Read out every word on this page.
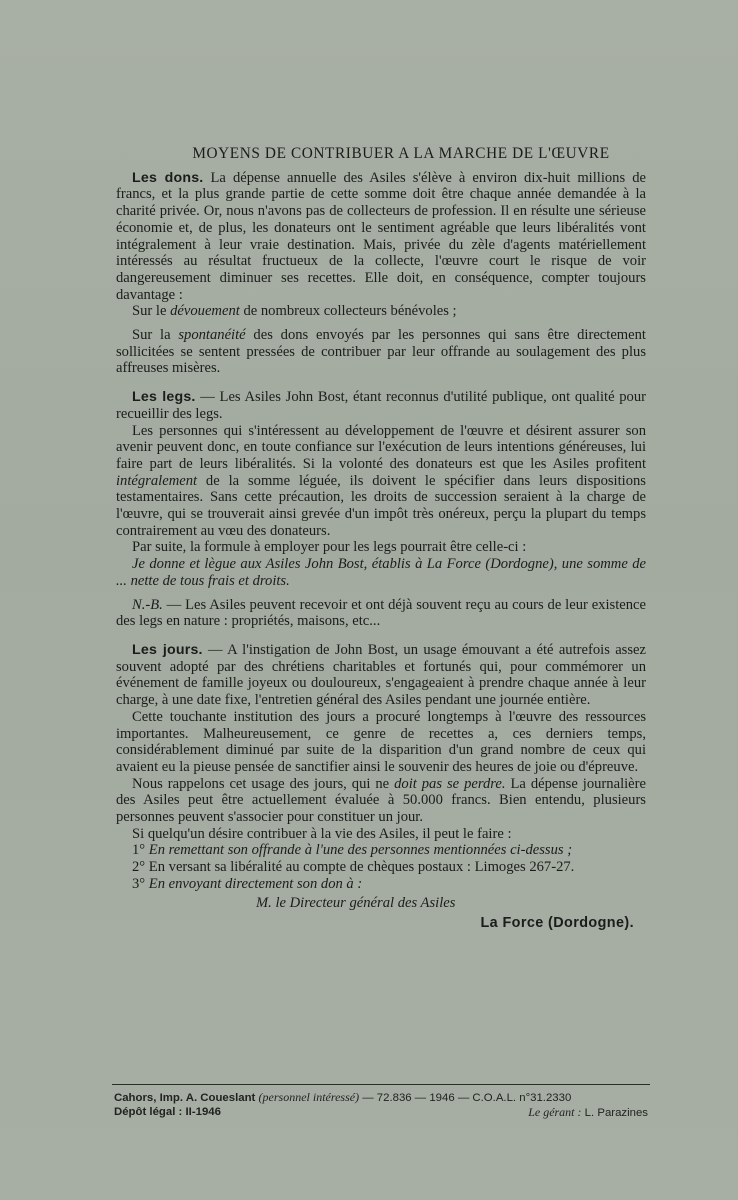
MOYENS DE CONTRIBUER A LA MARCHE DE L'ŒUVRE

Les dons. La dépense annuelle des Asiles s'élève à environ dix-huit millions de francs, et la plus grande partie de cette somme doit être chaque année demandée à la charité privée. Or, nous n'avons pas de collecteurs de profession. Il en résulte une sérieuse économie et, de plus, les donateurs ont le sentiment agréable que leurs libéralités vont intégralement à leur vraie destination. Mais, privée du zèle d'agents matériellement intéressés au résultat fructueux de la collecte, l'œuvre court le risque de voir dangereusement diminuer ses recettes. Elle doit, en conséquence, compter toujours davantage :

Sur le dévouement de nombreux collecteurs bénévoles ;

Sur la spontanéité des dons envoyés par les personnes qui sans être directement sollicitées se sentent pressées de contribuer par leur offrande au soulagement des plus affreuses misères.

Les legs. — Les Asiles John Bost, étant reconnus d'utilité publique, ont qualité pour recueillir des legs.

Les personnes qui s'intéressent au développement de l'œuvre et désirent assurer son avenir peuvent donc, en toute confiance sur l'exécution de leurs intentions généreuses, lui faire part de leurs libéralités. Si la volonté des donateurs est que les Asiles profitent intégralement de la somme léguée, ils doivent le spécifier dans leurs dispositions testamentaires. Sans cette précaution, les droits de succession seraient à la charge de l'œuvre, qui se trouverait ainsi grevée d'un impôt très onéreux, perçu la plupart du temps contrairement au vœu des donateurs.

Par suite, la formule à employer pour les legs pourrait être celle-ci :

Je donne et lègue aux Asiles John Bost, établis à La Force (Dordogne), une somme de ... nette de tous frais et droits.

N.-B. — Les Asiles peuvent recevoir et ont déjà souvent reçu au cours de leur existence des legs en nature : propriétés, maisons, etc...

Les jours. — A l'instigation de John Bost, un usage émouvant a été autrefois assez souvent adopté par des chrétiens charitables et fortunés qui, pour commémorer un événement de famille joyeux ou douloureux, s'engageaient à prendre chaque année à leur charge, à une date fixe, l'entretien général des Asiles pendant une journée entière.

Cette touchante institution des jours a procuré longtemps à l'œuvre des ressources importantes. Malheureusement, ce genre de recettes a, ces derniers temps, considérablement diminué par suite de la disparition d'un grand nombre de ceux qui avaient eu la pieuse pensée de sanctifier ainsi le souvenir des heures de joie ou d'épreuve.

Nous rappelons cet usage des jours, qui ne doit pas se perdre. La dépense journalière des Asiles peut être actuellement évaluée à 50.000 francs. Bien entendu, plusieurs personnes peuvent s'associer pour constituer un jour.

Si quelqu'un désire contribuer à la vie des Asiles, il peut le faire :

1° En remettant son offrande à l'une des personnes mentionnées ci-dessus ;

2° En versant sa libéralité au compte de chèques postaux : Limoges 267-27.

3° En envoyant directement son don à :

M. le Directeur général des Asiles

La Force (Dordogne).

Cahors, Imp. A. Coueslant (personnel intéressé) — 72.836 — 1946 — C.O.A.L. n°31.2330
Dépôt légal : II-1946	Le gérant : L. Parazines
